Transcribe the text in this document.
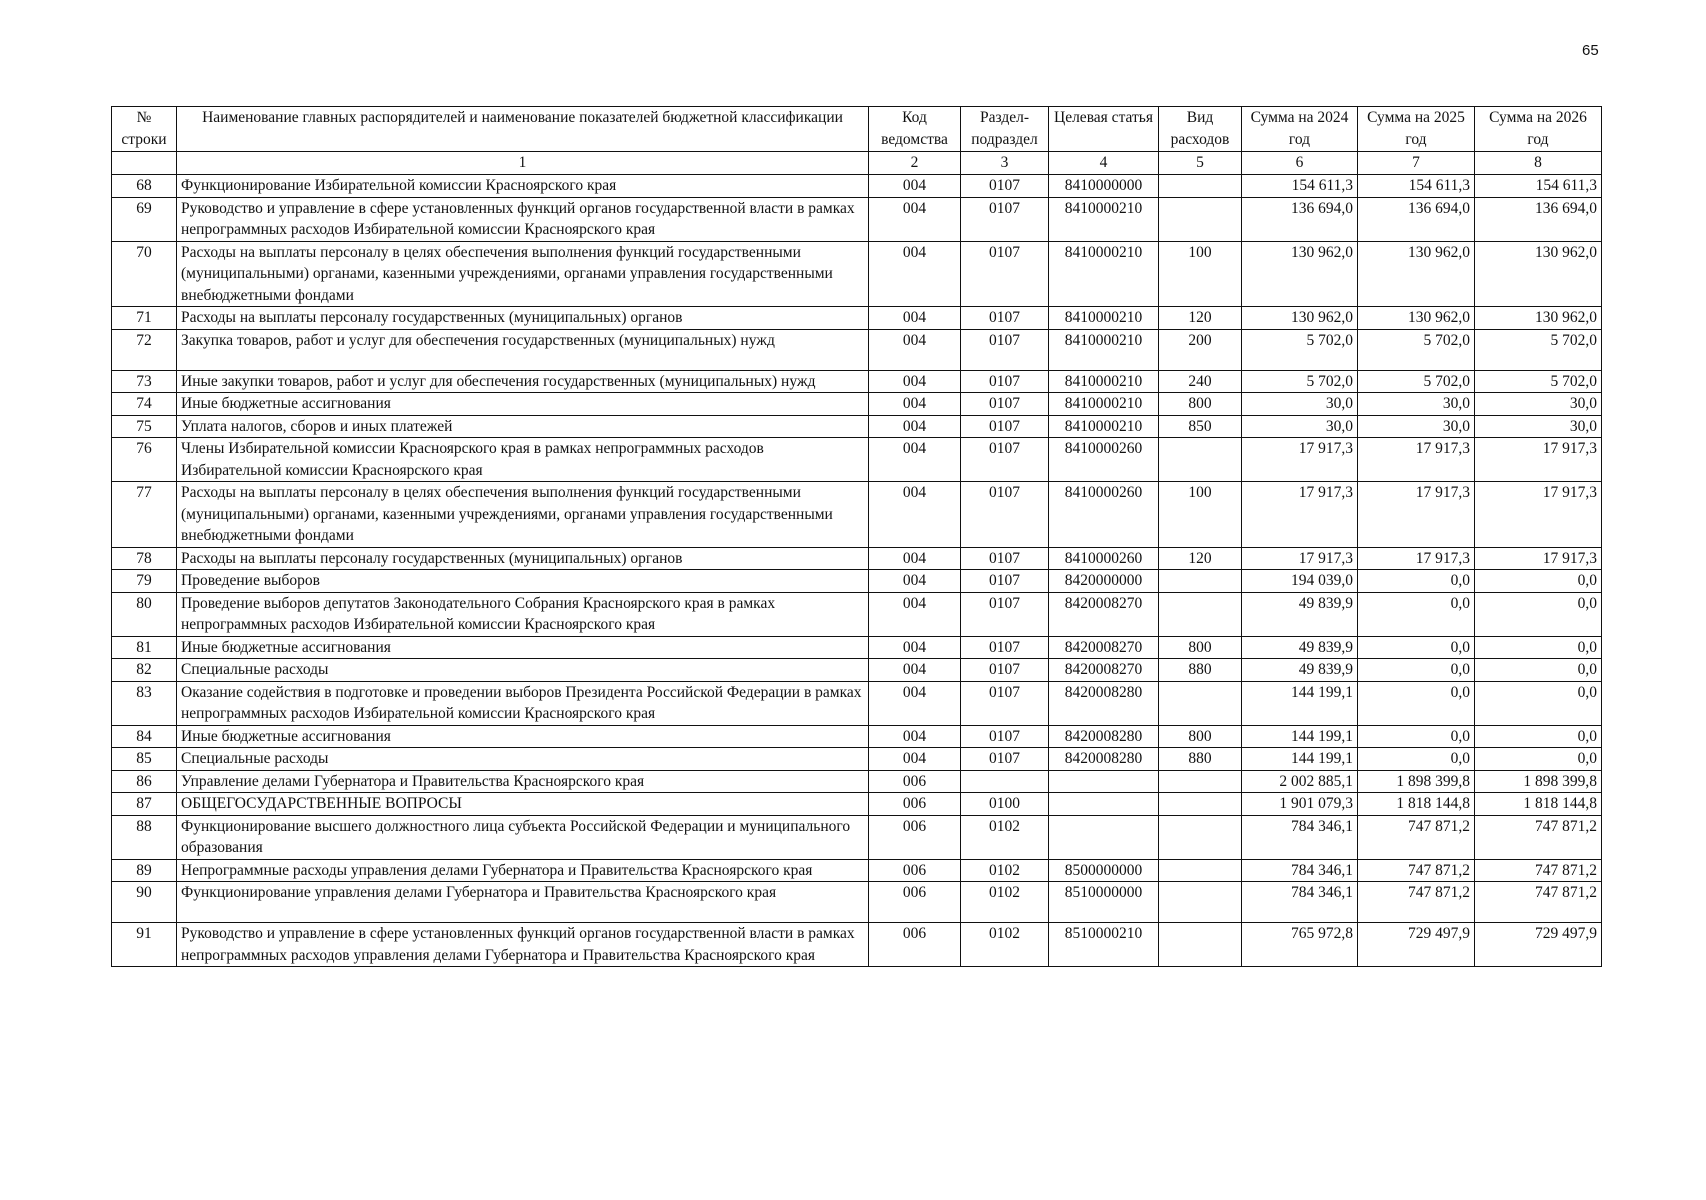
65
№ строки	Наименование главных распорядителей и наименование показателей бюджетной классификации	Код ведомства	Раздел-подраздел	Целевая статья	Вид расходов	Сумма на 2024 год	Сумма на 2025 год	Сумма на 2026 год
	1	2	3	4	5	6	7	8
68	Функционирование Избирательной комиссии Красноярского края	004	0107	8410000000		154 611,3	154 611,3	154 611,3
69	Руководство и управление в сфере установленных функций органов государственной власти в рамках непрограммных расходов Избирательной комиссии Красноярского края	004	0107	8410000210		136 694,0	136 694,0	136 694,0
70	Расходы на выплаты персоналу в целях обеспечения выполнения функций государственными (муниципальными) органами, казенными учреждениями, органами управления государственными внебюджетными фондами	004	0107	8410000210	100	130 962,0	130 962,0	130 962,0
71	Расходы на выплаты персоналу государственных (муниципальных) органов	004	0107	8410000210	120	130 962,0	130 962,0	130 962,0
72	Закупка товаров, работ и услуг для обеспечения государственных (муниципальных) нужд	004	0107	8410000210	200	5 702,0	5 702,0	5 702,0
73	Иные закупки товаров, работ и услуг для обеспечения государственных (муниципальных) нужд	004	0107	8410000210	240	5 702,0	5 702,0	5 702,0
74	Иные бюджетные ассигнования	004	0107	8410000210	800	30,0	30,0	30,0
75	Уплата налогов, сборов и иных платежей	004	0107	8410000210	850	30,0	30,0	30,0
76	Члены Избирательной комиссии Красноярского края в рамках непрограммных расходов Избирательной комиссии Красноярского края	004	0107	8410000260		17 917,3	17 917,3	17 917,3
77	Расходы на выплаты персоналу в целях обеспечения выполнения функций государственными (муниципальными) органами, казенными учреждениями, органами управления государственными внебюджетными фондами	004	0107	8410000260	100	17 917,3	17 917,3	17 917,3
78	Расходы на выплаты персоналу государственных (муниципальных) органов	004	0107	8410000260	120	17 917,3	17 917,3	17 917,3
79	Проведение выборов	004	0107	8420000000		194 039,0	0,0	0,0
80	Проведение выборов депутатов Законодательного Собрания Красноярского края в рамках непрограммных расходов Избирательной комиссии Красноярского края	004	0107	8420008270		49 839,9	0,0	0,0
81	Иные бюджетные ассигнования	004	0107	8420008270	800	49 839,9	0,0	0,0
82	Специальные расходы	004	0107	8420008270	880	49 839,9	0,0	0,0
83	Оказание содействия в подготовке и проведении выборов Президента Российской Федерации в рамках непрограммных расходов Избирательной комиссии Красноярского края	004	0107	8420008280		144 199,1	0,0	0,0
84	Иные бюджетные ассигнования	004	0107	8420008280	800	144 199,1	0,0	0,0
85	Специальные расходы	004	0107	8420008280	880	144 199,1	0,0	0,0
86	Управление делами Губернатора и Правительства Красноярского края	006				2 002 885,1	1 898 399,8	1 898 399,8
87	ОБЩЕГОСУДАРСТВЕННЫЕ ВОПРОСЫ	006	0100			1 901 079,3	1 818 144,8	1 818 144,8
88	Функционирование высшего должностного лица субъекта Российской Федерации и муниципального образования	006	0102			784 346,1	747 871,2	747 871,2
89	Непрограммные расходы управления делами Губернатора и Правительства Красноярского края	006	0102	8500000000		784 346,1	747 871,2	747 871,2
90	Функционирование управления делами Губернатора и Правительства Красноярского края	006	0102	8510000000		784 346,1	747 871,2	747 871,2
91	Руководство и управление в сфере установленных функций органов государственной власти в рамках непрограммных расходов управления делами Губернатора и Правительства Красноярского края	006	0102	8510000210		765 972,8	729 497,9	729 497,9
